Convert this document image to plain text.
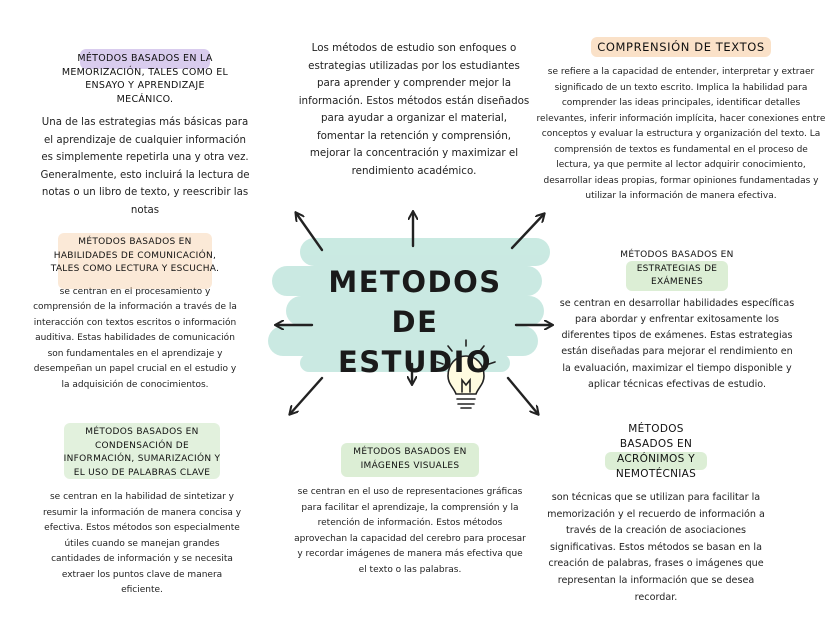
METODOS DE
ESTUDIO
Los métodos de estudio son enfoques o estrategias utilizadas por los estudiantes para aprender y comprender mejor la información. Estos métodos están diseñados para ayudar a organizar el material, fomentar la retención y comprensión, mejorar la concentración y maximizar el rendimiento académico.
MÉTODOS BASADOS EN LA MEMORIZACIÓN, TALES COMO EL ENSAYO Y APRENDIZAJE MECÁNICO.
Una de las estrategias más básicas para el aprendizaje de cualquier información es simplemente repetirla una y otra vez. Generalmente, esto incluirá la lectura de notas o un libro de texto, y reescribir las notas
COMPRENSIÓN DE TEXTOS
se refiere a la capacidad de entender, interpretar y extraer significado de un texto escrito. Implica la habilidad para comprender las ideas principales, identificar detalles relevantes, inferir información implícita, hacer conexiones entre conceptos y evaluar la estructura y organización del texto. La comprensión de textos es fundamental en el proceso de lectura, ya que permite al lector adquirir conocimiento, desarrollar ideas propias, formar opiniones fundamentadas y utilizar la información de manera efectiva.
MÉTODOS BASADOS EN HABILIDADES DE COMUNICACIÓN, TALES COMO LECTURA Y ESCUCHA.
se centran en el procesamiento y comprensión de la información a través de la interacción con textos escritos o información auditiva. Estas habilidades de comunicación son fundamentales en el aprendizaje y desempeñan un papel crucial en el estudio y la adquisición de conocimientos.
MÉTODOS BASADOS EN ESTRATEGIAS DE EXÁMENES
se centran en desarrollar habilidades específicas para abordar y enfrentar exitosamente los diferentes tipos de exámenes. Estas estrategias están diseñadas para mejorar el rendimiento en la evaluación, maximizar el tiempo disponible y aplicar técnicas efectivas de estudio.
MÉTODOS BASADOS EN CONDENSACIÓN DE INFORMACIÓN, SUMARIZACIÓN Y EL USO DE PALABRAS CLAVE
se centran en la habilidad de sintetizar y resumir la información de manera concisa y efectiva. Estos métodos son especialmente útiles cuando se manejan grandes cantidades de información y se necesita extraer los puntos clave de manera eficiente.
MÉTODOS BASADOS EN IMÁGENES VISUALES
se centran en el uso de representaciones gráficas para facilitar el aprendizaje, la comprensión y la retención de información. Estos métodos aprovechan la capacidad del cerebro para procesar y recordar imágenes de manera más efectiva que el texto o las palabras.
MÉTODOS BASADOS EN ACRÓNIMOS Y NEMOTÉCNIAS
son técnicas que se utilizan para facilitar la memorización y el recuerdo de información a través de la creación de asociaciones significativas. Estos métodos se basan en la creación de palabras, frases o imágenes que representan la información que se desea recordar.
